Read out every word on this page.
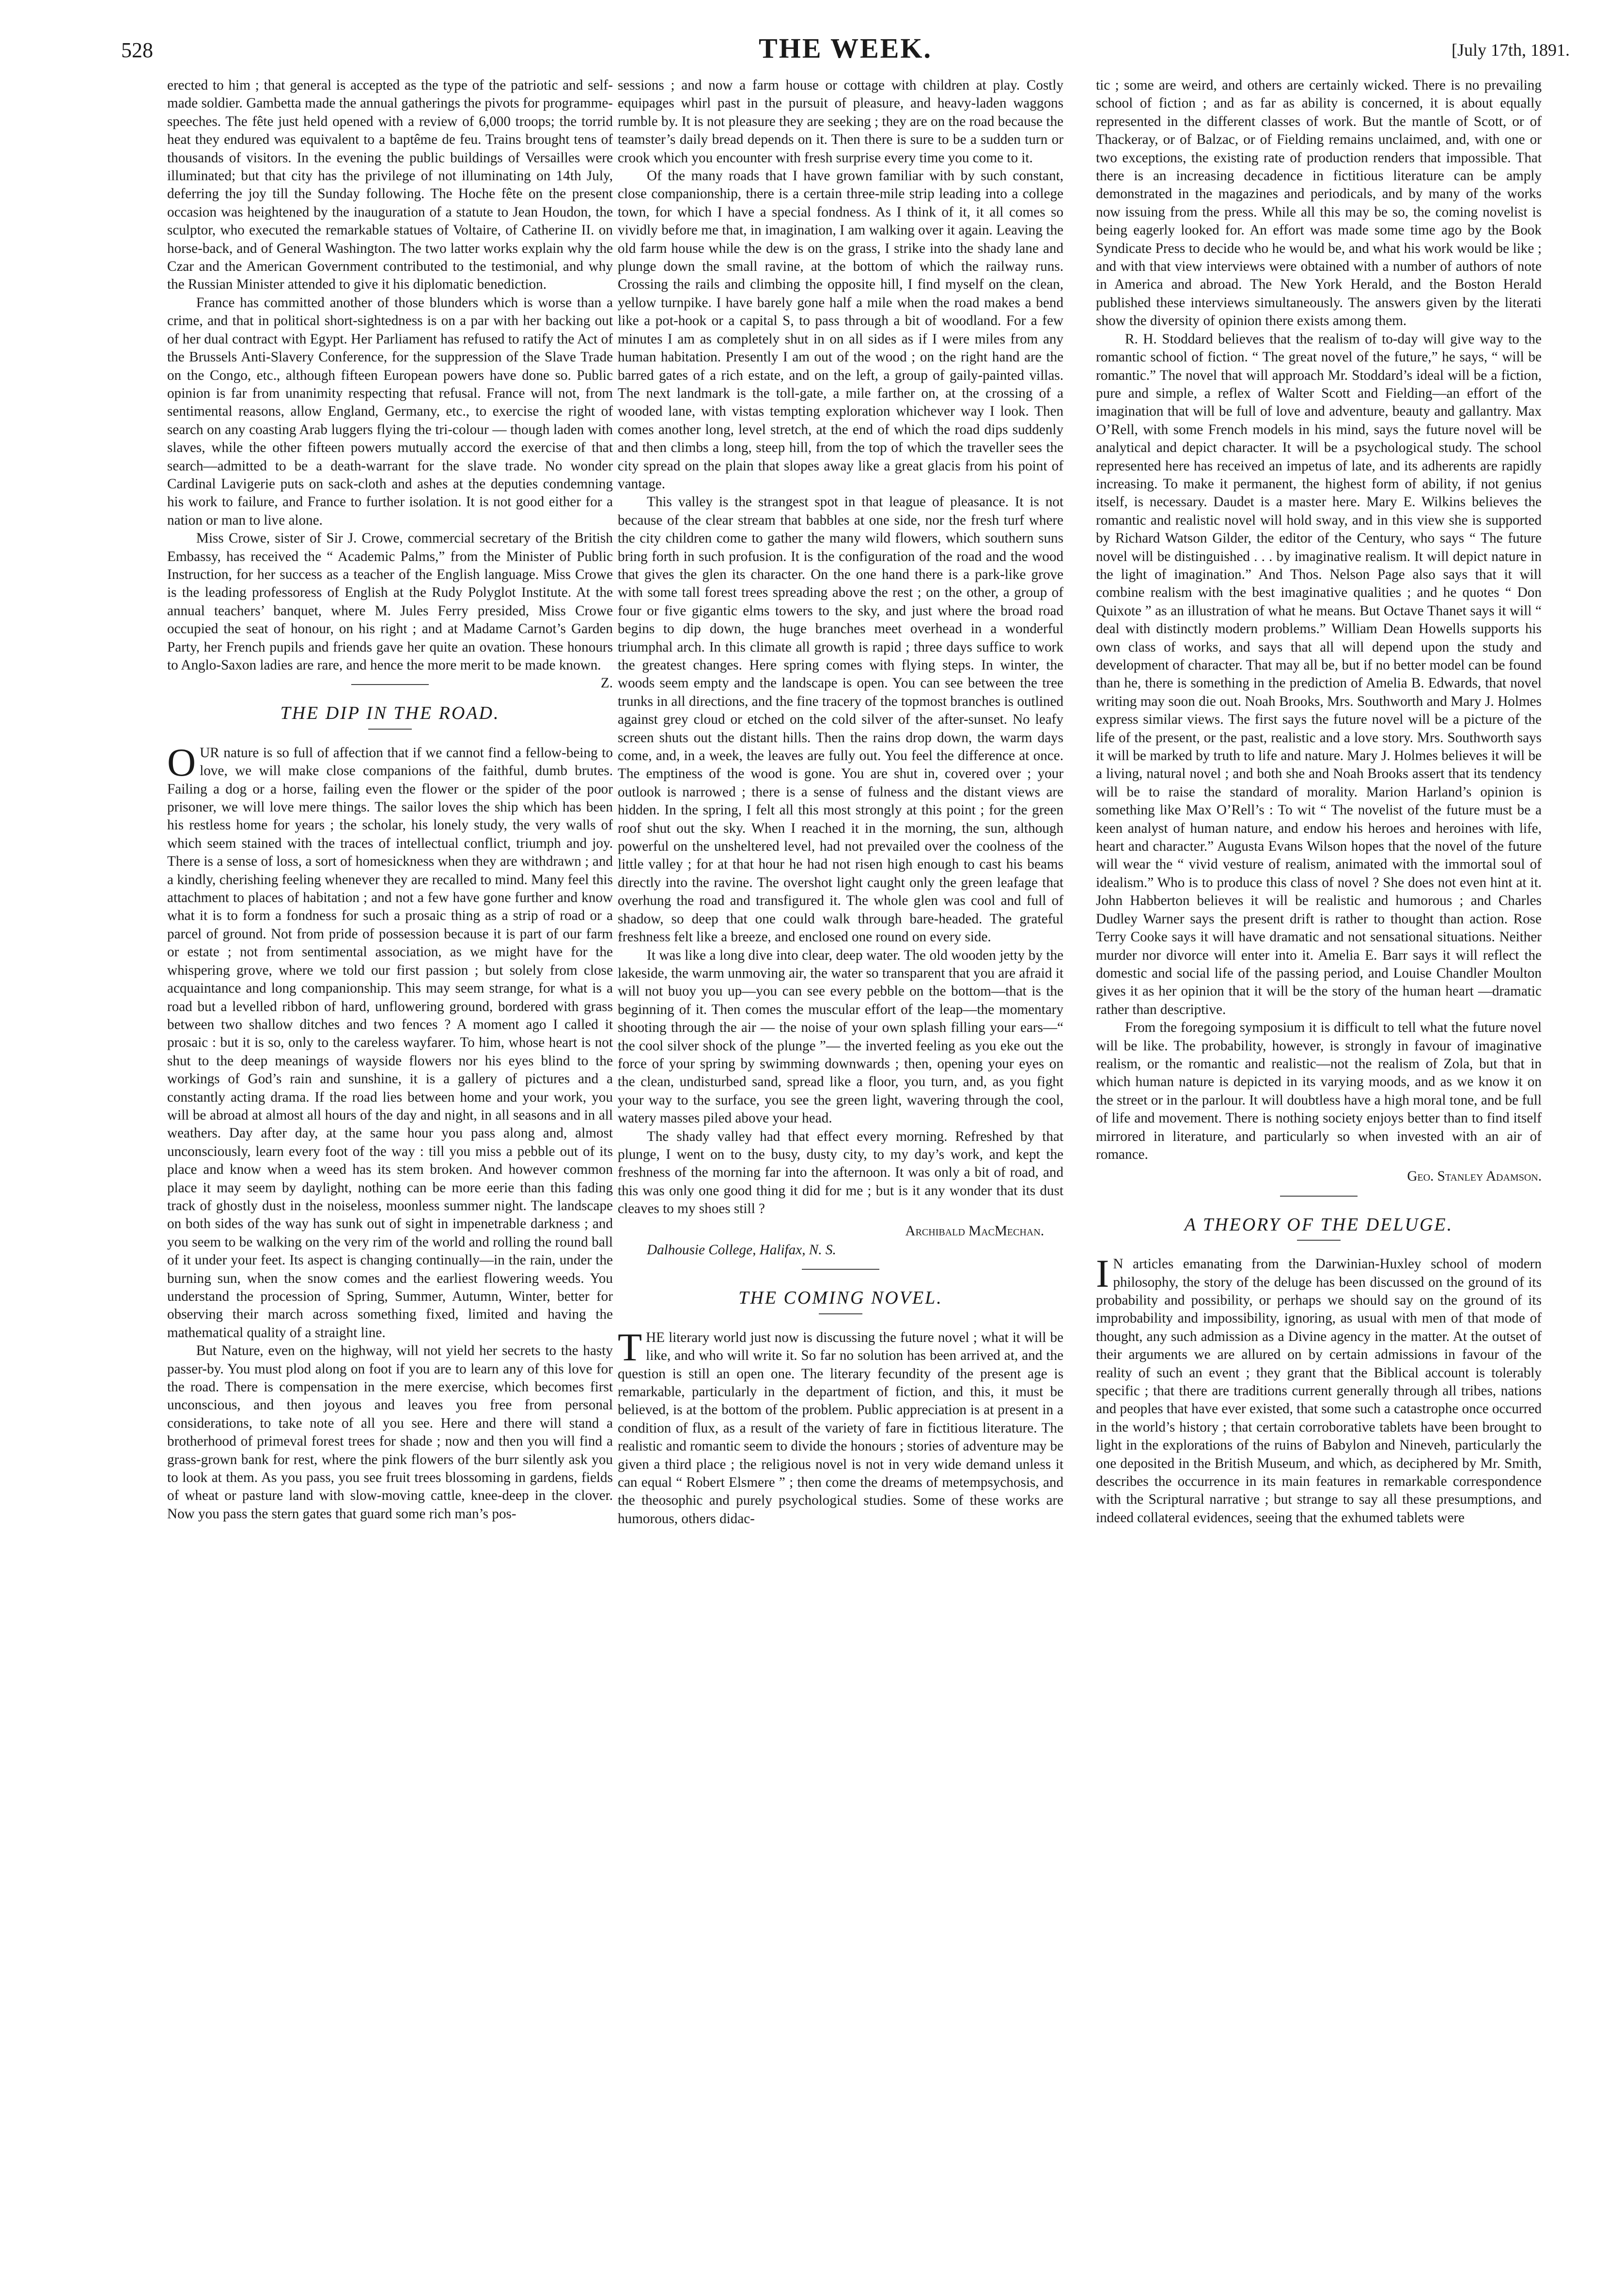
528	THE WEEK.	[July 17th, 1891.

erected to him ; that general is accepted as the type of the patriotic and self-made soldier. Gambetta made the annual gatherings the pivots for programme-speeches. The fête just held opened with a review of 6,000 troops; the torrid heat they endured was equivalent to a baptême de feu. Trains brought tens of thousands of visitors. In the evening the public buildings of Versailles were illuminated; but that city has the privilege of not illuminating on 14th July, deferring the joy till the Sunday following. The Hoche fête on the present occasion was heightened by the inauguration of a statute to Jean Houdon, the sculptor, who executed the remarkable statues of Voltaire, of Catherine II. on horse-back, and of General Washington. The two latter works explain why the Czar and the American Government contributed to the testimonial, and why the Russian Minister attended to give it his diplomatic benediction.

France has committed another of those blunders which is worse than a crime, and that in political short-sightedness is on a par with her backing out of her dual contract with Egypt. Her Parliament has refused to ratify the Act of the Brussels Anti-Slavery Conference, for the suppression of the Slave Trade on the Congo, etc., although fifteen European powers have done so. Public opinion is far from unanimity respecting that refusal. France will not, from sentimental reasons, allow England, Germany, etc., to exercise the right of search on any coasting Arab luggers flying the tri-colour — though laden with slaves, while the other fifteen powers mutually accord the exercise of that search—admitted to be a death-warrant for the slave trade. No wonder Cardinal Lavigerie puts on sack-cloth and ashes at the deputies condemning his work to failure, and France to further isolation. It is not good either for a nation or man to live alone.

Miss Crowe, sister of Sir J. Crowe, commercial secretary of the British Embassy, has received the “ Academic Palms,” from the Minister of Public Instruction, for her success as a teacher of the English language. Miss Crowe is the leading professoress of English at the Rudy Polyglot Institute. At the annual teachers’ banquet, where M. Jules Ferry presided, Miss Crowe occupied the seat of honour, on his right ; and at Madame Carnot’s Garden Party, her French pupils and friends gave her quite an ovation. These honours to Anglo-Saxon ladies are rare, and hence the more merit to be made known.
Z.

THE DIP IN THE ROAD.

OUR nature is so full of affection that if we cannot find a fellow-being to love, we will make close companions of the faithful, dumb brutes. Failing a dog or a horse, failing even the flower or the spider of the poor prisoner, we will love mere things. The sailor loves the ship which has been his restless home for years ; the scholar, his lonely study, the very walls of which seem stained with the traces of intellectual conflict, triumph and joy. There is a sense of loss, a sort of homesickness when they are withdrawn ; and a kindly, cherishing feeling whenever they are recalled to mind. Many feel this attachment to places of habitation ; and not a few have gone further and know what it is to form a fondness for such a prosaic thing as a strip of road or a parcel of ground. Not from pride of possession because it is part of our farm or estate ; not from sentimental association, as we might have for the whispering grove, where we told our first passion ; but solely from close acquaintance and long companionship. This may seem strange, for what is a road but a levelled ribbon of hard, unflowering ground, bordered with grass between two shallow ditches and two fences ? A moment ago I called it prosaic : but it is so, only to the careless wayfarer. To him, whose heart is not shut to the deep meanings of wayside flowers nor his eyes blind to the workings of God’s rain and sunshine, it is a gallery of pictures and a constantly acting drama. If the road lies between home and your work, you will be abroad at almost all hours of the day and night, in all seasons and in all weathers. Day after day, at the same hour you pass along and, almost unconsciously, learn every foot of the way : till you miss a pebble out of its place and know when a weed has its stem broken. And however common place it may seem by daylight, nothing can be more eerie than this fading track of ghostly dust in the noiseless, moonless summer night. The landscape on both sides of the way has sunk out of sight in impenetrable darkness ; and you seem to be walking on the very rim of the world and rolling the round ball of it under your feet. Its aspect is changing continually—in the rain, under the burning sun, when the snow comes and the earliest flowering weeds. You understand the procession of Spring, Summer, Autumn, Winter, better for observing their march across something fixed, limited and having the mathematical quality of a straight line.

But Nature, even on the highway, will not yield her secrets to the hasty passer-by. You must plod along on foot if you are to learn any of this love for the road. There is compensation in the mere exercise, which becomes first unconscious, and then joyous and leaves you free from personal considerations, to take note of all you see. Here and there will stand a brotherhood of primeval forest trees for shade ; now and then you will find a grass-grown bank for rest, where the pink flowers of the burr silently ask you to look at them. As you pass, you see fruit trees blossoming in gardens, fields of wheat or pasture land with slow-moving cattle, knee-deep in the clover. Now you pass the stern gates that guard some rich man’s pos-

sessions ; and now a farm house or cottage with children at play. Costly equipages whirl past in the pursuit of pleasure, and heavy-laden waggons rumble by. It is not pleasure they are seeking ; they are on the road because the teamster’s daily bread depends on it. Then there is sure to be a sudden turn or crook which you encounter with fresh surprise every time you come to it.

Of the many roads that I have grown familiar with by such constant, close companionship, there is a certain three-mile strip leading into a college town, for which I have a special fondness. As I think of it, it all comes so vividly before me that, in imagination, I am walking over it again. Leaving the old farm house while the dew is on the grass, I strike into the shady lane and plunge down the small ravine, at the bottom of which the railway runs. Crossing the rails and climbing the opposite hill, I find myself on the clean, yellow turnpike. I have barely gone half a mile when the road makes a bend like a pot-hook or a capital S, to pass through a bit of woodland. For a few minutes I am as completely shut in on all sides as if I were miles from any human habitation. Presently I am out of the wood ; on the right hand are the barred gates of a rich estate, and on the left, a group of gaily-painted villas. The next landmark is the toll-gate, a mile farther on, at the crossing of a wooded lane, with vistas tempting exploration whichever way I look. Then comes another long, level stretch, at the end of which the road dips suddenly and then climbs a long, steep hill, from the top of which the traveller sees the city spread on the plain that slopes away like a great glacis from his point of vantage.

This valley is the strangest spot in that league of pleasance. It is not because of the clear stream that babbles at one side, nor the fresh turf where the city children come to gather the many wild flowers, which southern suns bring forth in such profusion. It is the configuration of the road and the wood that gives the glen its character. On the one hand there is a park-like grove with some tall forest trees spreading above the rest ; on the other, a group of four or five gigantic elms towers to the sky, and just where the broad road begins to dip down, the huge branches meet overhead in a wonderful triumphal arch. In this climate all growth is rapid ; three days suffice to work the greatest changes. Here spring comes with flying steps. In winter, the woods seem empty and the landscape is open. You can see between the tree trunks in all directions, and the fine tracery of the topmost branches is outlined against grey cloud or etched on the cold silver of the after-sunset. No leafy screen shuts out the distant hills. Then the rains drop down, the warm days come, and, in a week, the leaves are fully out. You feel the difference at once. The emptiness of the wood is gone. You are shut in, covered over ; your outlook is narrowed ; there is a sense of fulness and the distant views are hidden. In the spring, I felt all this most strongly at this point ; for the green roof shut out the sky. When I reached it in the morning, the sun, although powerful on the unsheltered level, had not prevailed over the coolness of the little valley ; for at that hour he had not risen high enough to cast his beams directly into the ravine. The overshot light caught only the green leafage that overhung the road and transfigured it. The whole glen was cool and full of shadow, so deep that one could walk through bare-headed. The grateful freshness felt like a breeze, and enclosed one round on every side.

It was like a long dive into clear, deep water. The old wooden jetty by the lakeside, the warm unmoving air, the water so transparent that you are afraid it will not buoy you up—you can see every pebble on the bottom—that is the beginning of it. Then comes the muscular effort of the leap—the momentary shooting through the air — the noise of your own splash filling your ears—“ the cool silver shock of the plunge ”— the inverted feeling as you eke out the force of your spring by swimming downwards ; then, opening your eyes on the clean, undisturbed sand, spread like a floor, you turn, and, as you fight your way to the surface, you see the green light, wavering through the cool, watery masses piled above your head.

The shady valley had that effect every morning. Refreshed by that plunge, I went on to the busy, dusty city, to my day’s work, and kept the freshness of the morning far into the afternoon. It was only a bit of road, and this was only one good thing it did for me ; but is it any wonder that its dust cleaves to my shoes still ?

Archibald MacMechan.
Dalhousie College, Halifax, N. S.
THE COMING NOVEL.

THE literary world just now is discussing the future novel ; what it will be like, and who will write it. So far no solution has been arrived at, and the question is still an open one. The literary fecundity of the present age is remarkable, particularly in the department of fiction, and this, it must be believed, is at the bottom of the problem. Public appreciation is at present in a condition of flux, as a result of the variety of fare in fictitious literature. The realistic and romantic seem to divide the honours ; stories of adventure may be given a third place ; the religious novel is not in very wide demand unless it can equal “ Robert Elsmere ” ; then come the dreams of metempsychosis, and the theosophic and purely psychological studies. Some of these works are humorous, others didac-

tic ; some are weird, and others are certainly wicked. There is no prevailing school of fiction ; and as far as ability is concerned, it is about equally represented in the different classes of work. But the mantle of Scott, or of Thackeray, or of Balzac, or of Fielding remains unclaimed, and, with one or two exceptions, the existing rate of production renders that impossible. That there is an increasing decadence in fictitious literature can be amply demonstrated in the magazines and periodicals, and by many of the works now issuing from the press. While all this may be so, the coming novelist is being eagerly looked for. An effort was made some time ago by the Book Syndicate Press to decide who he would be, and what his work would be like ; and with that view interviews were obtained with a number of authors of note in America and abroad. The New York Herald, and the Boston Herald published these interviews simultaneously. The answers given by the literati show the diversity of opinion there exists among them.

R. H. Stoddard believes that the realism of to-day will give way to the romantic school of fiction. “ The great novel of the future,” he says, “ will be romantic.” The novel that will approach Mr. Stoddard’s ideal will be a fiction, pure and simple, a reflex of Walter Scott and Fielding—an effort of the imagination that will be full of love and adventure, beauty and gallantry. Max O’Rell, with some French models in his mind, says the future novel will be analytical and depict character. It will be a psychological study. The school represented here has received an impetus of late, and its adherents are rapidly increasing. To make it permanent, the highest form of ability, if not genius itself, is necessary. Daudet is a master here. Mary E. Wilkins believes the romantic and realistic novel will hold sway, and in this view she is supported by Richard Watson Gilder, the editor of the Century, who says “ The future novel will be distinguished . . . by imaginative realism. It will depict nature in the light of imagination.” And Thos. Nelson Page also says that it will combine realism with the best imaginative qualities ; and he quotes “ Don Quixote ” as an illustration of what he means. But Octave Thanet says it will “ deal with distinctly modern problems.” William Dean Howells supports his own class of works, and says that all will depend upon the study and development of character. That may all be, but if no better model can be found than he, there is something in the prediction of Amelia B. Edwards, that novel writing may soon die out. Noah Brooks, Mrs. Southworth and Mary J. Holmes express similar views. The first says the future novel will be a picture of the life of the present, or the past, realistic and a love story. Mrs. Southworth says it will be marked by truth to life and nature. Mary J. Holmes believes it will be a living, natural novel ; and both she and Noah Brooks assert that its tendency will be to raise the standard of morality. Marion Harland’s opinion is something like Max O’Rell’s : To wit “ The novelist of the future must be a keen analyst of human nature, and endow his heroes and heroines with life, heart and character.” Augusta Evans Wilson hopes that the novel of the future will wear the “ vivid vesture of realism, animated with the immortal soul of idealism.” Who is to produce this class of novel ? She does not even hint at it. John Habberton believes it will be realistic and humorous ; and Charles Dudley Warner says the present drift is rather to thought than action. Rose Terry Cooke says it will have dramatic and not sensational situations. Neither murder nor divorce will enter into it. Amelia E. Barr says it will reflect the domestic and social life of the passing period, and Louise Chandler Moulton gives it as her opinion that it will be the story of the human heart —dramatic rather than descriptive.

From the foregoing symposium it is difficult to tell what the future novel will be like. The probability, however, is strongly in favour of imaginative realism, or the romantic and realistic—not the realism of Zola, but that in which human nature is depicted in its varying moods, and as we know it on the street or in the parlour. It will doubtless have a high moral tone, and be full of life and movement. There is nothing society enjoys better than to find itself mirrored in literature, and particularly so when invested with an air of romance.

Geo. Stanley Adamson.
A THEORY OF THE DELUGE.

I N articles emanating from the Darwinian-Huxley school of modern philosophy, the story of the deluge has been discussed on the ground of its probability and possibility, or perhaps we should say on the ground of its improbability and impossibility, ignoring, as usual with men of that mode of thought, any such admission as a Divine agency in the matter. At the outset of their arguments we are allured on by certain admissions in favour of the reality of such an event ; they grant that the Biblical account is tolerably specific ; that there are traditions current generally through all tribes, nations and peoples that have ever existed, that some such a catastrophe once occurred in the world’s history ; that certain corroborative tablets have been brought to light in the explorations of the ruins of Babylon and Nineveh, particularly the one deposited in the British Museum, and which, as deciphered by Mr. Smith, describes the occurrence in its main features in remarkable correspondence with the Scriptural narrative ; but strange to say all these presumptions, and indeed collateral evidences, seeing that the exhumed tablets were
